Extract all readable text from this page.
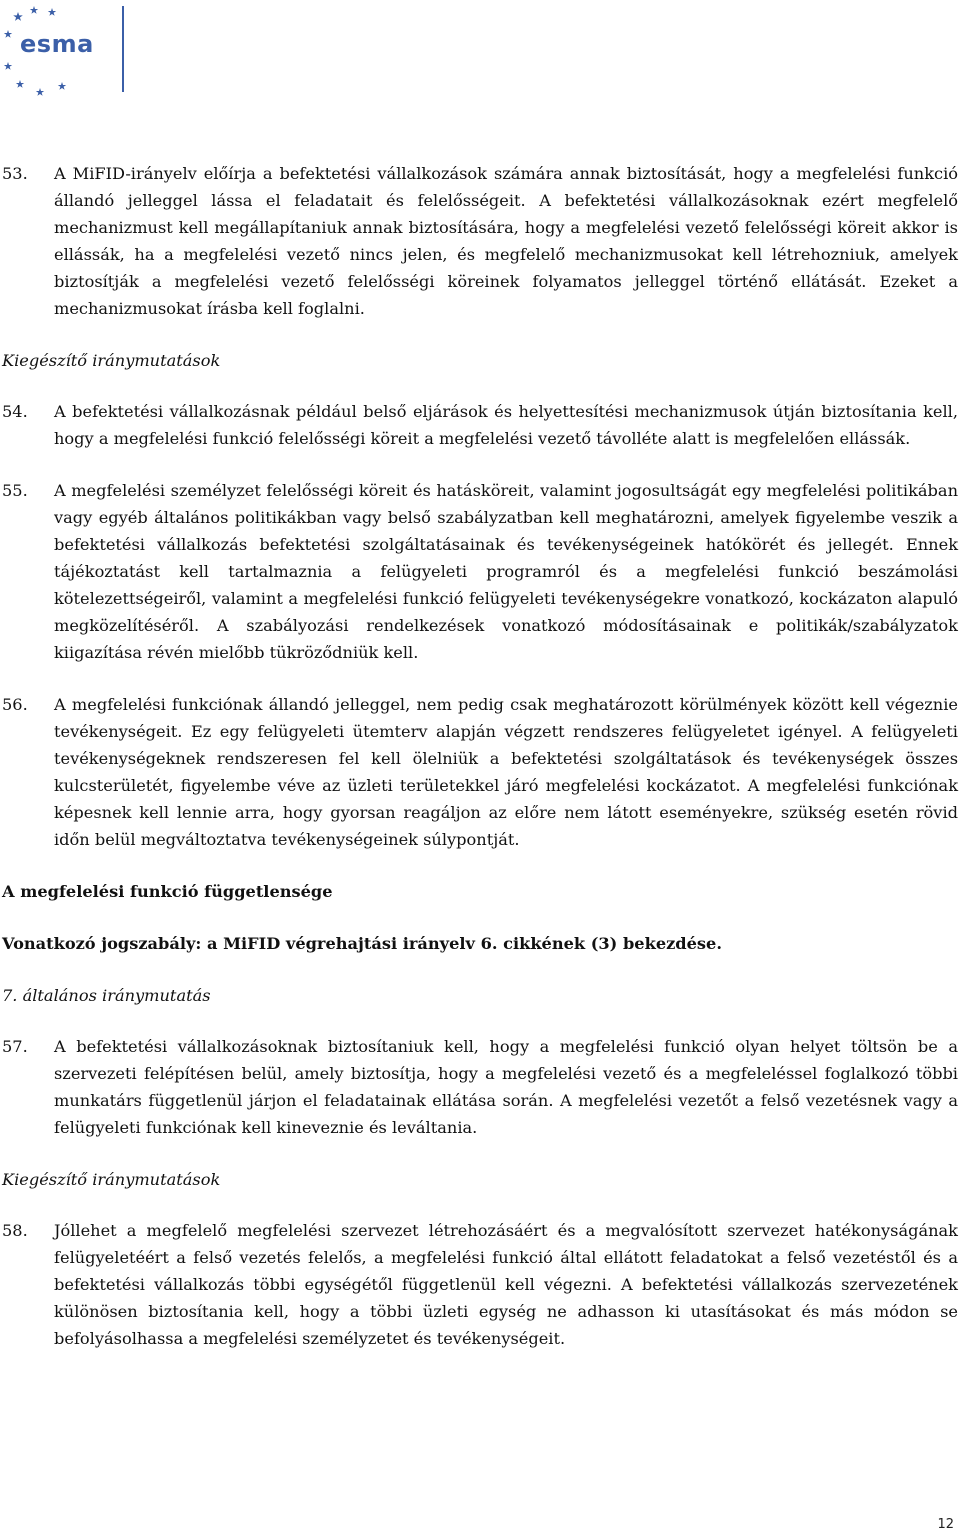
esma
53. A MiFID-irányelv előírja a befektetési vállalkozások számára annak biztosítását, hogy a megfelelési funkció állandó jelleggel lássa el feladatait és felelősségeit. A befektetési vállalkozásoknak ezért megfelelő mechanizmust kell megállapítaniuk annak biztosítására, hogy a megfelelési vezető felelősségi köreit akkor is ellássák, ha a megfelelési vezető nincs jelen, és megfelelő mechanizmusokat kell létrehozniuk, amelyek biztosítják a megfelelési vezető felelősségi köreinek folyamatos jelleggel történő ellátását. Ezeket a mechanizmusokat írásba kell foglalni.
Kiegészítő iránymutatások
54. A befektetési vállalkozásnak például belső eljárások és helyettesítési mechanizmusok útján biztosítania kell, hogy a megfelelési funkció felelősségi köreit a megfelelési vezető távolléte alatt is megfelelően ellássák.
55. A megfelelési személyzet felelősségi köreit és hatásköreit, valamint jogosultságát egy megfelelési politikában vagy egyéb általános politikákban vagy belső szabályzatban kell meghatározni, amelyek figyelembe veszik a befektetési vállalkozás befektetési szolgáltatásainak és tevékenységeinek hatókörét és jellegét. Ennek tájékoztatást kell tartalmaznia a felügyeleti programról és a megfelelési funkció beszámolási kötelezettségeiről, valamint a megfelelési funkció felügyeleti tevékenységekre vonatkozó, kockázaton alapuló megközelítéséről. A szabályozási rendelkezések vonatkozó módosításainak e politikák/szabályzatok kiigazítása révén mielőbb tükröződniük kell.
56. A megfelelési funkciónak állandó jelleggel, nem pedig csak meghatározott körülmények között kell végeznie tevékenységeit. Ez egy felügyeleti ütemterv alapján végzett rendszeres felügyeletet igényel. A felügyeleti tevékenységeknek rendszeresen fel kell ölelniük a befektetési szolgáltatások és tevékenységek összes kulcsterületét, figyelembe véve az üzleti területekkel járó megfelelési kockázatot. A megfelelési funkciónak képesnek kell lennie arra, hogy gyorsan reagáljon az előre nem látott eseményekre, szükség esetén rövid időn belül megváltoztatva tevékenységeinek súlypontját.
A megfelelési funkció függetlensége
Vonatkozó jogszabály: a MiFID végrehajtási irányelv 6. cikkének (3) bekezdése.
7. általános iránymutatás
57. A befektetési vállalkozásoknak biztosítaniuk kell, hogy a megfelelési funkció olyan helyet töltsön be a szervezeti felépítésen belül, amely biztosítja, hogy a megfelelési vezető és a megfeleléssel foglalkozó többi munkatárs függetlenül járjon el feladatainak ellátása során. A megfelelési vezetőt a felső vezetésnek vagy a felügyeleti funkciónak kell kineveznie és leváltania.
Kiegészítő iránymutatások
58. Jóllehet a megfelelő megfelelési szervezet létrehozásáért és a megvalósított szervezet hatékonyságának felügyeletéért a felső vezetés felelős, a megfelelési funkció által ellátott feladatokat a felső vezetéstől és a befektetési vállalkozás többi egységétől függetlenül kell végezni. A befektetési vállalkozás szervezetének különösen biztosítania kell, hogy a többi üzleti egység ne adhasson ki utasításokat és más módon se befolyásolhassa a megfelelési személyzetet és tevékenységeit.
12
